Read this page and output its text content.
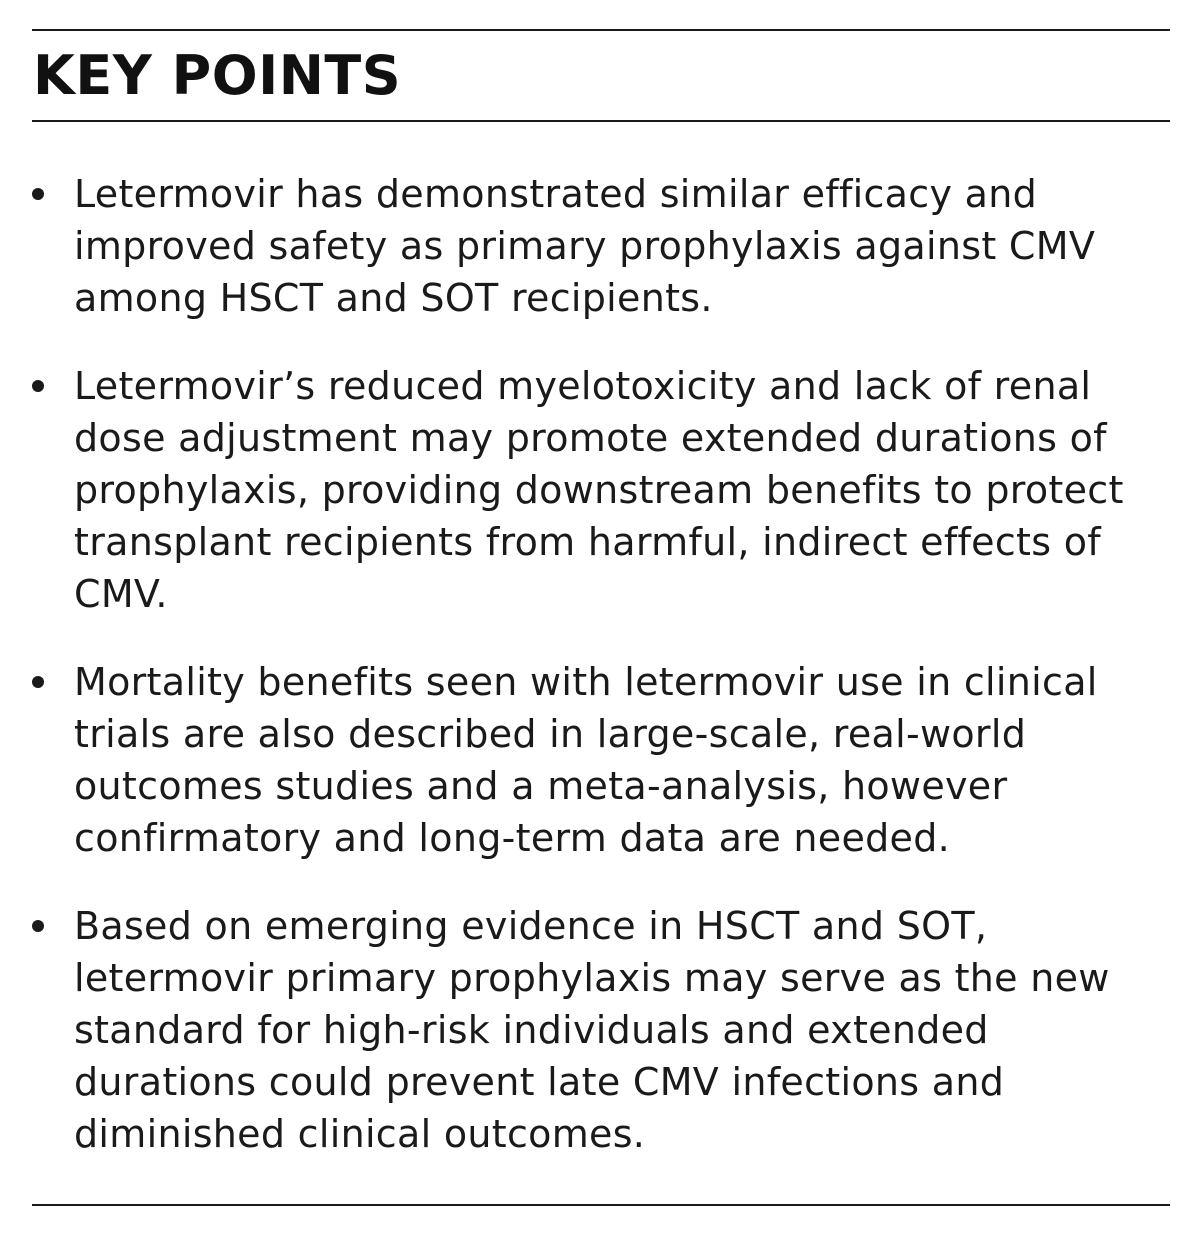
KEY POINTS
Letermovir has demonstrated similar efficacy and improved safety as primary prophylaxis against CMV among HSCT and SOT recipients.
Letermovir’s reduced myelotoxicity and lack of renal dose adjustment may promote extended durations of prophylaxis, providing downstream benefits to protect transplant recipients from harmful, indirect effects of CMV.
Mortality benefits seen with letermovir use in clinical trials are also described in large-scale, real-world outcomes studies and a meta-analysis, however confirmatory and long-term data are needed.
Based on emerging evidence in HSCT and SOT, letermovir primary prophylaxis may serve as the new standard for high-risk individuals and extended durations could prevent late CMV infections and diminished clinical outcomes.
